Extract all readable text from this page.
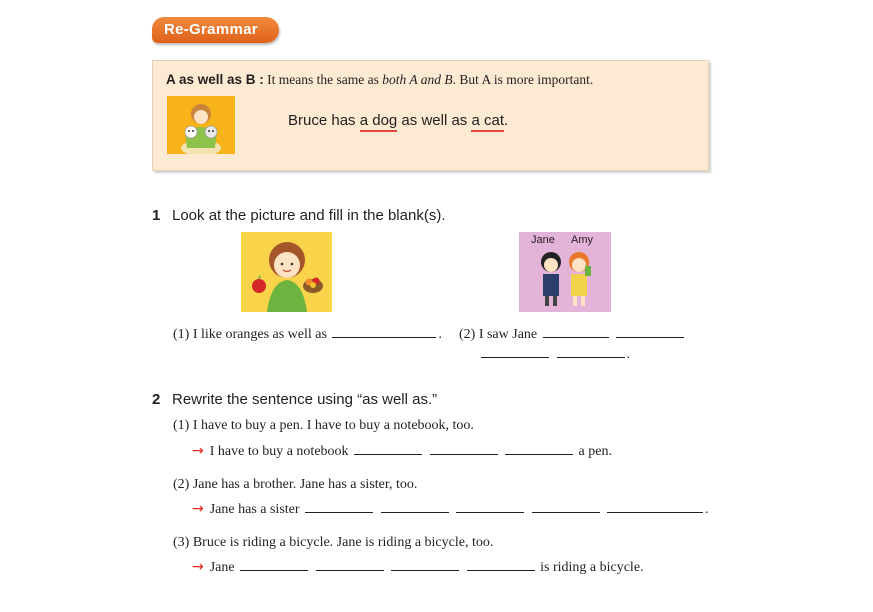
Re-Grammar
A as well as B : It means the same as both A and B. But A is more important.
Bruce has a dog as well as a cat.
1 Look at the picture and fill in the blank(s).
Jane Amy
(1) I like oranges as well as	. (2) I saw Jane
.
2 Rewrite the sentence using “as well as.”
(1) I have to buy a pen. I have to buy a notebook, too.
→ I have to buy a notebook	a pen.
(2) Jane has a brother. Jane has a sister, too.
→ Jane has a sister	.
(3) Bruce is riding a bicycle. Jane is riding a bicycle, too.
→ Jane	is riding a bicycle.
